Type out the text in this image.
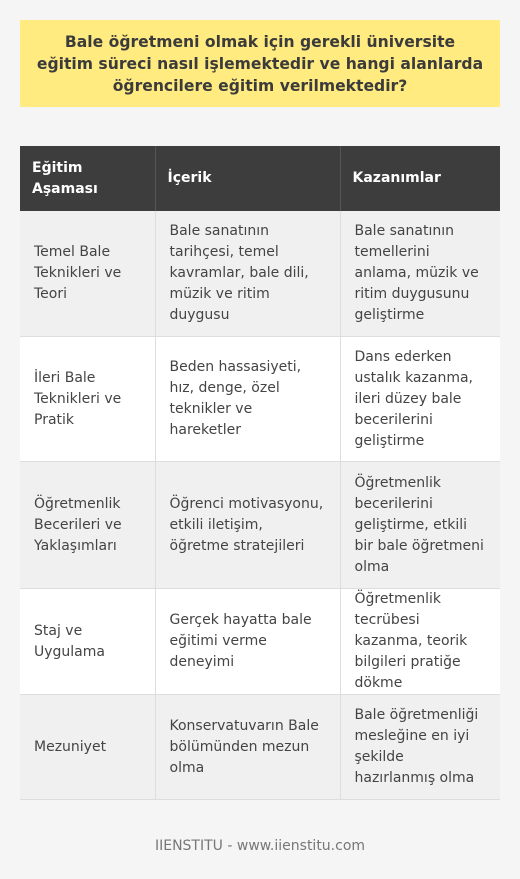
Bale öğretmeni olmak için gerekli üniversite eğitim süreci nasıl işlemektedir ve hangi alanlarda öğrencilere eğitim verilmektedir?
Eğitim Aşaması	İçerik	Kazanımlar
Temel Bale Teknikleri ve Teori	Bale sanatının tarihçesi, temel kavramlar, bale dili, müzik ve ritim duygusu	Bale sanatının temellerini anlama, müzik ve ritim duygusunu geliştirme
İleri Bale Teknikleri ve Pratik	Beden hassasiyeti, hız, denge, özel teknikler ve hareketler	Dans ederken ustalık kazanma, ileri düzey bale becerilerini geliştirme
Öğretmenlik Becerileri ve Yaklaşımları	Öğrenci motivasyonu, etkili iletişim, öğretme stratejileri	Öğretmenlik becerilerini geliştirme, etkili bir bale öğretmeni olma
Staj ve Uygulama	Gerçek hayatta bale eğitimi verme deneyimi	Öğretmenlik tecrübesi kazanma, teorik bilgileri pratiğe dökme
Mezuniyet	Konservatuvarın Bale bölümünden mezun olma	Bale öğretmenliği mesleğine en iyi şekilde hazırlanmış olma
IIENSTITU - www.iienstitu.com
